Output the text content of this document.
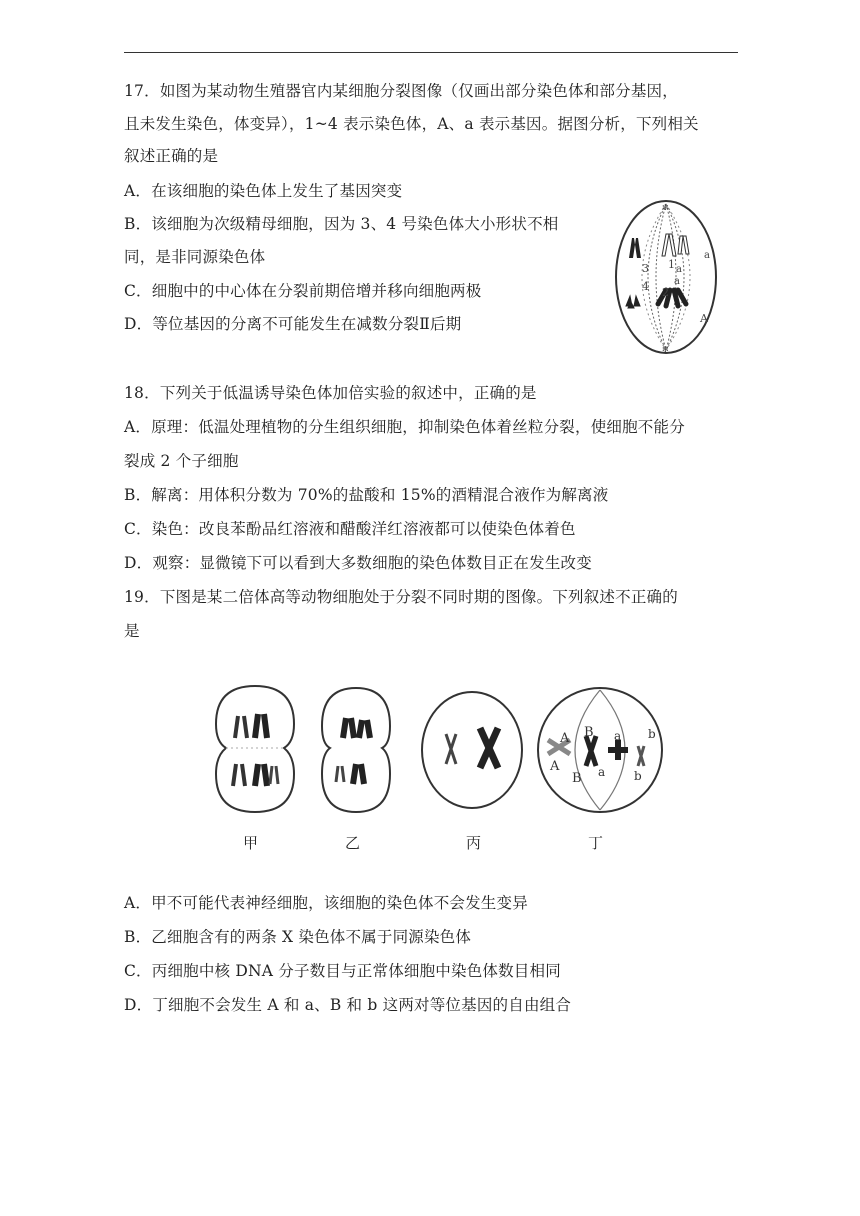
17．如图为某动物生殖器官内某细胞分裂图像（仅画出部分染色体和部分基因，
且未发生染色，体变异），1~4 表示染色体，A、a 表示基因。据图分析，下列相关
叙述正确的是
A．在该细胞的染色体上发生了基因突变
B．该细胞为次级精母细胞，因为 3、4 号染色体大小形状不相
同，是非同源染色体
C．细胞中的中心体在分裂前期倍增并移向细胞两极
D．等位基因的分离不可能发生在减数分裂Ⅱ后期
✻
✻
3
4
1
2
a
a
a
A
18．下列关于低温诱导染色体加倍实验的叙述中，正确的是
A．原理：低温处理植物的分生组织细胞，抑制染色体着丝粒分裂，使细胞不能分
裂成 2 个子细胞
B．解离：用体积分数为 70%的盐酸和 15%的酒精混合液作为解离液
C．染色：改良苯酚品红溶液和醋酸洋红溶液都可以使染色体着色
D．观察：显微镜下可以看到大多数细胞的染色体数目正在发生改变
19．下图是某二倍体高等动物细胞处于分裂不同时期的图像。下列叙述不正确的
是
A B a b
A
B a b
甲	乙	丙	丁
A．甲不可能代表神经细胞，该细胞的染色体不会发生变异
B．乙细胞含有的两条 X 染色体不属于同源染色体
C．丙细胞中核 DNA 分子数目与正常体细胞中染色体数目相同
D．丁细胞不会发生 A 和 a、B 和 b 这两对等位基因的自由组合
